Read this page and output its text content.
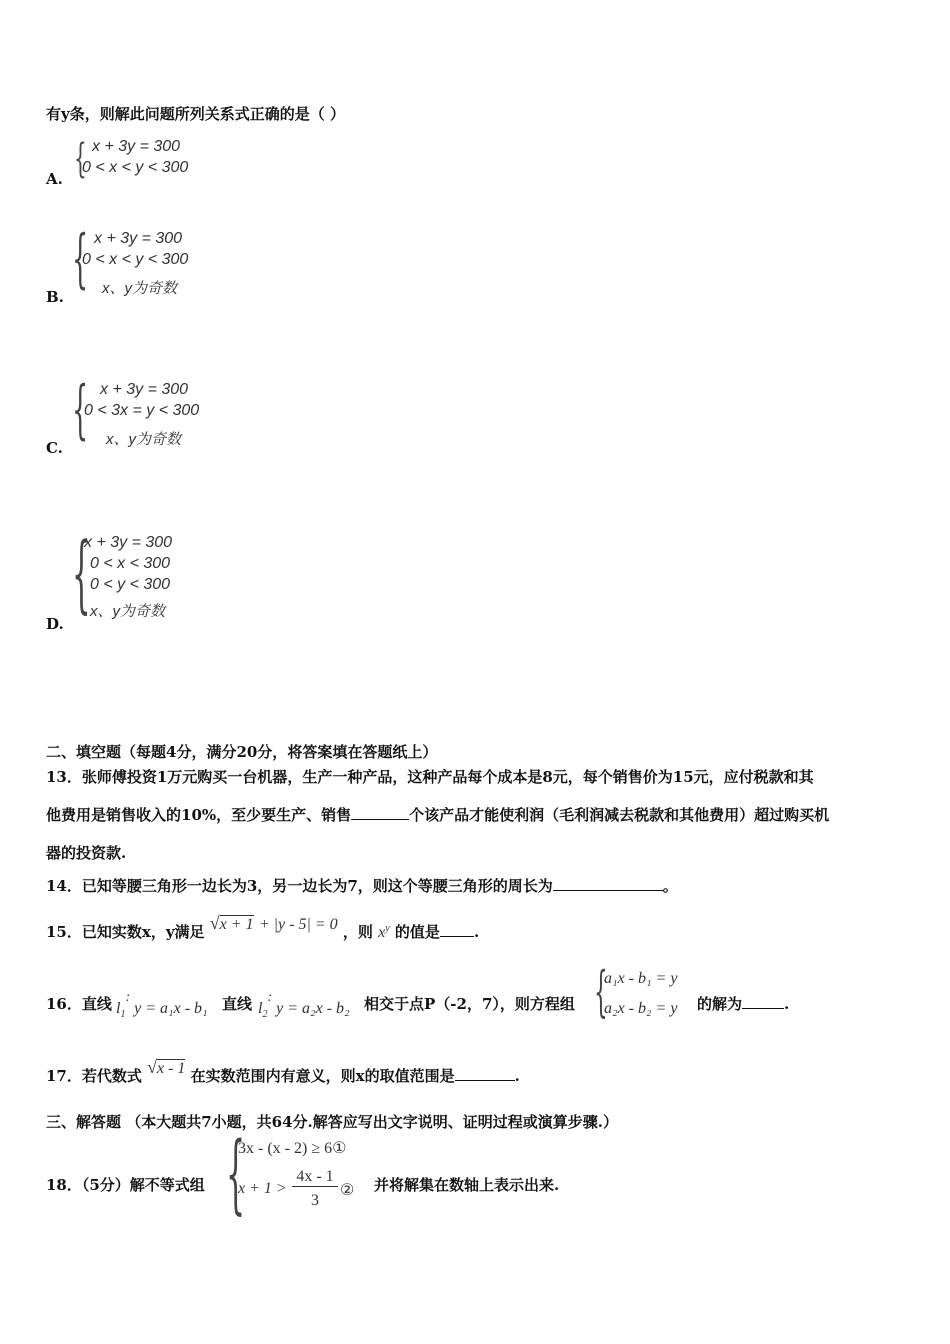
有y条，则解此问题所列关系式正确的是（ ）
A. { x + 3y = 300
0 < x < y < 300
B.
{ x + 3y = 300
0 < x < y < 300
x、y为奇数
C.
{ x + 3y = 300
0 < 3x = y < 300
x、y为奇数
D.
{
x + 3y = 300
0 < x < 300
0 < y < 300
x、y为奇数
二、填空题（每题4分，满分20分，将答案填在答题纸上）
13．张师傅投资1万元购买一台机器，生产一种产品，这种产品每个成本是8元，每个销售价为15元，应付税款和其
他费用是销售收入的10%，至少要生产、销售	个该产品才能使利润（毛利润减去税款和其他费用）超过购买机
器的投资款.
14．已知等腰三角形一边长为3，另一边长为7，则这个等腰三角形的周长为	。
15．已知实数x，y满足 √x + 1 + |y - 5| = 0 ，则 $x^y$ 的值是 .
16．直线 $l_1$: y = a₁x - b₁ 直线 $l_2$: y = a₂x - b₂ 相交于点P（-2，7），则方程组 {
a₁x - b₁ = y
a₂x - b₂ = y 的解为	.
17．若代数式 √x - 1 在实数范围内有意义，则x的取值范围是	.
三、解答题 （本大题共7小题，共64分.解答应写出文字说明、证明过程或演算步骤.）
18．（5分）解不等式组 {
3x - (x - 2) ≥ 6①
x + 1 >
4x - 1
3
② 并将解集在数轴上表示出来.
